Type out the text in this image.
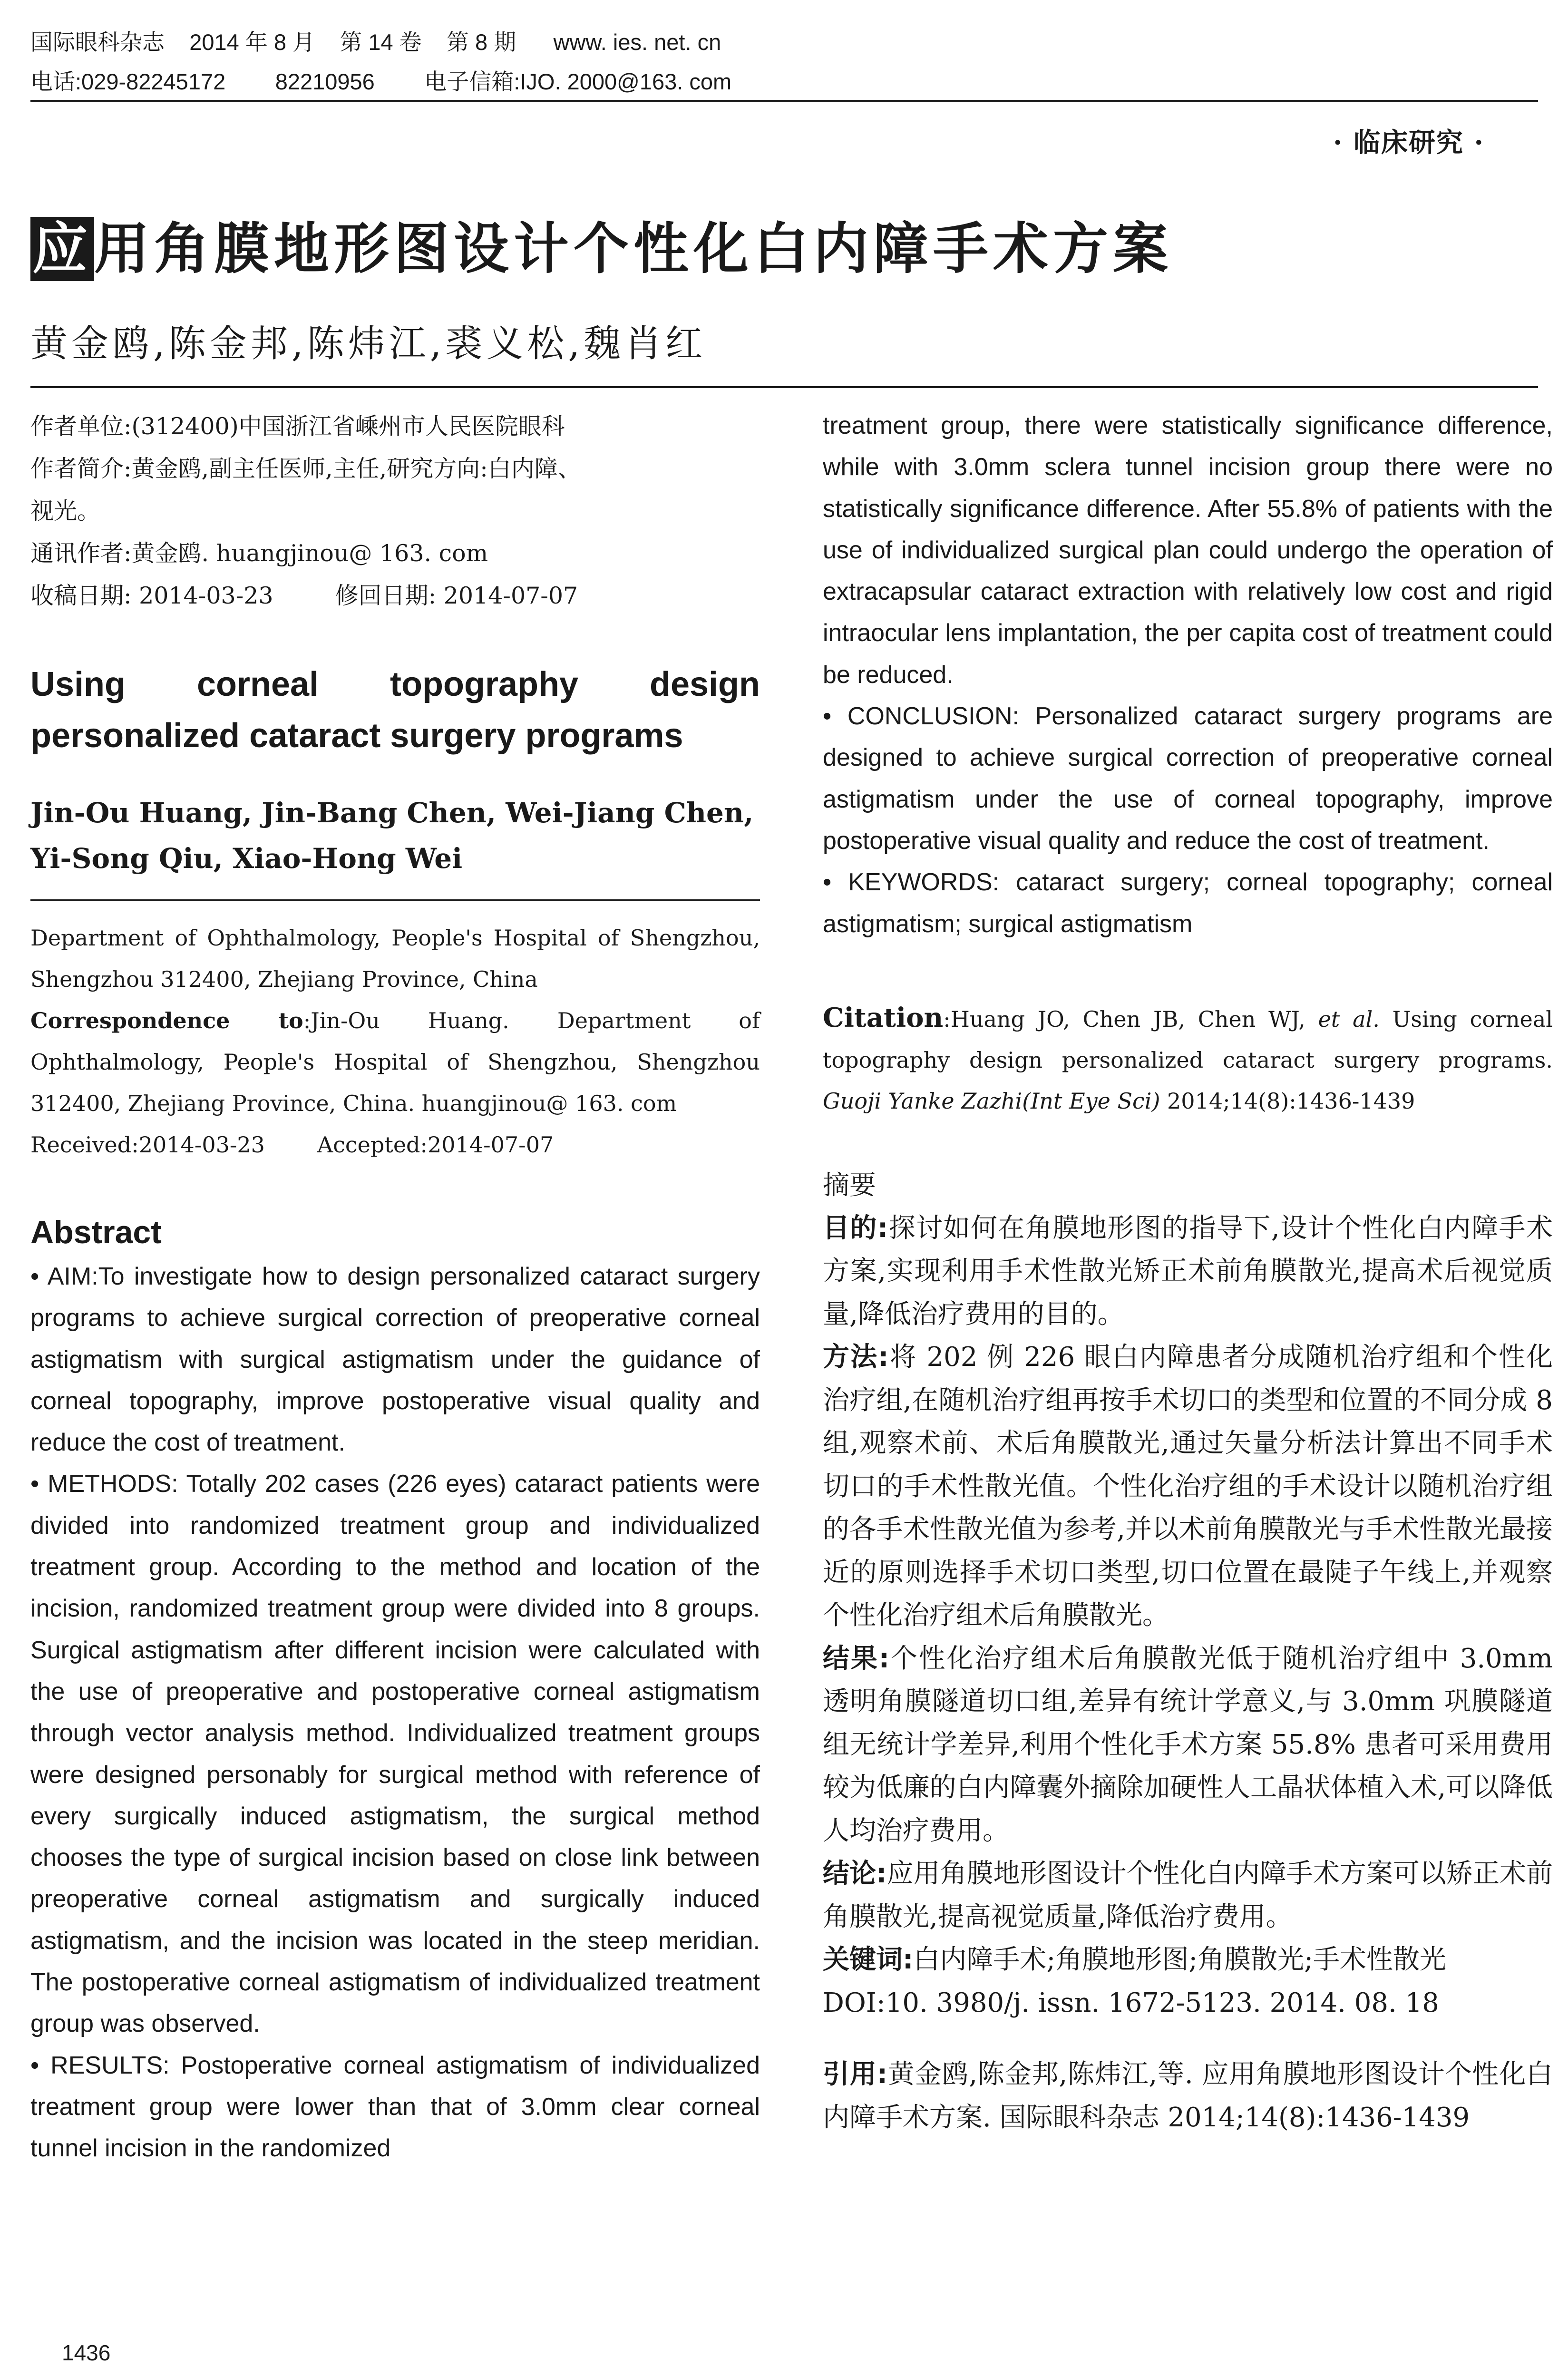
国际眼科杂志    2014 年 8 月    第 14 卷    第 8 期      www. ies. net. cn
电话:029-82245172        82210956        电子信箱:IJO. 2000@163. com
· 临床研究 ·
应用角膜地形图设计个性化白内障手术方案
黄金鸥,陈金邦,陈炜江,裘义松,魏肖红
作者单位:(312400)中国浙江省嵊州市人民医院眼科
作者简介:黄金鸥,副主任医师,主任,研究方向:白内障、
视光。
通讯作者:黄金鸥. huangjinou@ 163. com
收稿日期: 2014-03-23	修回日期: 2014-07-07
Using corneal topography design personalized cataract surgery programs
Jin-Ou Huang, Jin-Bang Chen, Wei-Jiang Chen, Yi-Song Qiu, Xiao-Hong Wei
Department of Ophthalmology, People's Hospital of Shengzhou, Shengzhou 312400, Zhejiang Province, China
Correspondence to:Jin-Ou Huang. Department of Ophthalmology, People's Hospital of Shengzhou, Shengzhou 312400, Zhejiang Province, China. huangjinou@ 163. com
Received:2014-03-23 Accepted:2014-07-07
Abstract
• AIM:To investigate how to design personalized cataract surgery programs to achieve surgical correction of preoperative corneal astigmatism with surgical astigmatism under the guidance of corneal topography, improve postoperative visual quality and reduce the cost of treatment.
• METHODS: Totally 202 cases (226 eyes) cataract patients were divided into randomized treatment group and individualized treatment group. According to the method and location of the incision, randomized treatment group were divided into 8 groups. Surgical astigmatism after different incision were calculated with the use of preoperative and postoperative corneal astigmatism through vector analysis method. Individualized treatment groups were designed personably for surgical method with reference of every surgically induced astigmatism, the surgical method chooses the type of surgical incision based on close link between preoperative corneal astigmatism and surgically induced astigmatism, and the incision was located in the steep meridian. The postoperative corneal astigmatism of individualized treatment group was observed.
• RESULTS: Postoperative corneal astigmatism of individualized treatment group were lower than that of 3.0mm clear corneal tunnel incision in the randomized
treatment group, there were statistically significance difference, while with 3.0mm sclera tunnel incision group there were no statistically significance difference. After 55.8% of patients with the use of individualized surgical plan could undergo the operation of extracapsular cataract extraction with relatively low cost and rigid intraocular lens implantation, the per capita cost of treatment could be reduced.
• CONCLUSION: Personalized cataract surgery programs are designed to achieve surgical correction of preoperative corneal astigmatism under the use of corneal topography, improve postoperative visual quality and reduce the cost of treatment.
• KEYWORDS: cataract surgery; corneal topography; corneal astigmatism; surgical astigmatism
Citation:Huang JO, Chen JB, Chen WJ, et al. Using corneal topography design personalized cataract surgery programs. Guoji Yanke Zazhi(Int Eye Sci) 2014;14(8):1436-1439
摘要
目的:探讨如何在角膜地形图的指导下,设计个性化白内障手术方案,实现利用手术性散光矫正术前角膜散光,提高术后视觉质量,降低治疗费用的目的。
方法:将 202 例 226 眼白内障患者分成随机治疗组和个性化治疗组,在随机治疗组再按手术切口的类型和位置的不同分成 8 组,观察术前、术后角膜散光,通过矢量分析法计算出不同手术切口的手术性散光值。个性化治疗组的手术设计以随机治疗组的各手术性散光值为参考,并以术前角膜散光与手术性散光最接近的原则选择手术切口类型,切口位置在最陡子午线上,并观察个性化治疗组术后角膜散光。
结果:个性化治疗组术后角膜散光低于随机治疗组中 3.0mm 透明角膜隧道切口组,差异有统计学意义,与 3.0mm 巩膜隧道组无统计学差异,利用个性化手术方案 55.8% 患者可采用费用较为低廉的白内障囊外摘除加硬性人工晶状体植入术,可以降低人均治疗费用。
结论:应用角膜地形图设计个性化白内障手术方案可以矫正术前角膜散光,提高视觉质量,降低治疗费用。
关键词:白内障手术;角膜地形图;角膜散光;手术性散光
DOI:10. 3980/j. issn. 1672-5123. 2014. 08. 18
引用:黄金鸥,陈金邦,陈炜江,等. 应用角膜地形图设计个性化白内障手术方案. 国际眼科杂志 2014;14(8):1436-1439
1436
